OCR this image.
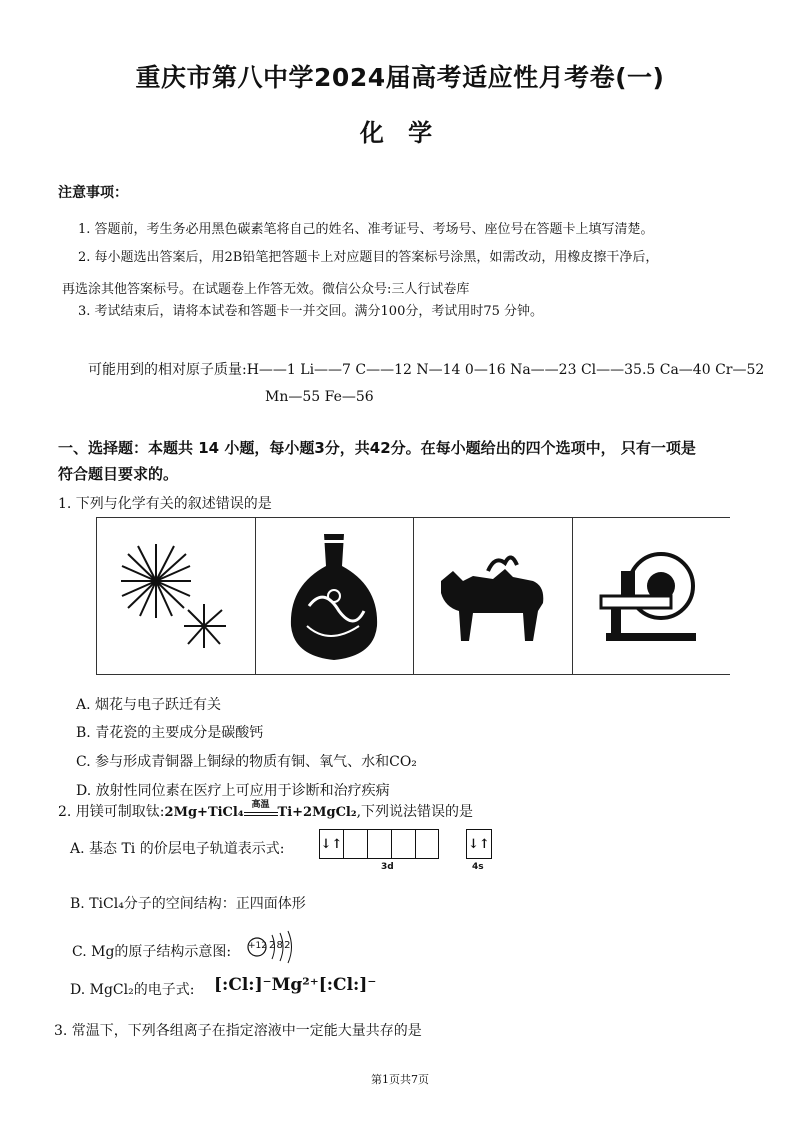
重庆市第八中学2024届高考适应性月考卷(一)
化 学
注意事项：
1. 答题前，考生务必用黑色碳素笔将自己的姓名、准考证号、考场号、座位号在答题卡上填写清楚。
2. 每小题选出答案后，用2B铅笔把答题卡上对应题目的答案标号涂黑，如需改动，用橡皮擦干净后，
再选涂其他答案标号。在试题卷上作答无效。微信公众号:三人行试卷库
3. 考试结束后，请将本试卷和答题卡一并交回。满分100分，考试用时75 分钟。
可能用到的相对原子质量:H——1 Li——7 C——12 N—14 0—16 Na——23 Cl——35.5 Ca—40 Cr—52
Mn—55 Fe—56
一、选择题：本题共 14 小题，每小题3分，共42分。在每小题给出的四个选项中， 只有一项是
符合题目要求的。
1. 下列与化学有关的叙述错误的是
A. 烟花与电子跃迁有关
B. 青花瓷的主要成分是碳酸钙
C. 参与形成青铜器上铜绿的物质有铜、氧气、水和CO₂
D. 放射性同位素在医疗上可应用于诊断和治疗疾病
2. 用镁可制取钛:2Mg+TiCl₄ 高温 Ti+2MgCl₂,下列说法错误的是
A. 基态 Ti 的价层电子轨道表示式:	↓↑
3d
↓↑
4s
B. TiCl₄分子的空间结构：正四面体形
C. Mg的原子结构示意图: +12 2 8 2
D. MgCl₂的电子式: [:Cl:]⁻Mg²⁺[:Cl:]⁻
3. 常温下，下列各组离子在指定溶液中一定能大量共存的是
第1页共7页
